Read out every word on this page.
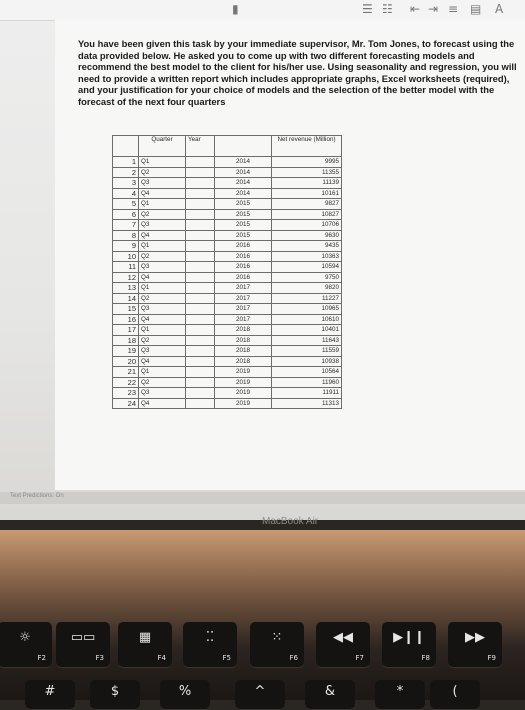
▮	☰ ☷ ⇤ ⇥ ≡ ▤ A
You have been given this task by your immediate supervisor, Mr. Tom Jones, to forecast using the data provided below. He asked you to come up with two different forecasting models and recommend the best model to the client for his/her use. Using seasonality and regression, you will need to provide a written report which includes appropriate graphs, Excel worksheets (required), and your justification for your choice of models and the selection of the better model with the forecast of the next four quarters
	Quarter	Year		Net revenue (Million)
1	Q1		2014	9995
2	Q2		2014	11355
3	Q3		2014	11139
4	Q4		2014	10161
5	Q1		2015	9827
6	Q2		2015	10827
7	Q3		2015	10706
8	Q4		2015	9630
9	Q1		2016	9435
10	Q2		2016	10363
11	Q3		2016	10594
12	Q4		2016	9750
13	Q1		2017	9820
14	Q2		2017	11227
15	Q3		2017	10965
16	Q4		2017	10610
17	Q1		2018	10401
18	Q2		2018	11643
19	Q3		2018	11559
20	Q4		2018	10938
21	Q1		2019	10564
22	Q2		2019	11960
23	Q3		2019	11911
24	Q4		2019	11313
Text Predictions: On
MacBook Air
☼
F2
▭▭
F3
▦
F4
⁚⁚
F5
⁙
F6
◀◀
F7
▶❙❙
F8
▶▶
F9
#	$	%	^	&	*	(
